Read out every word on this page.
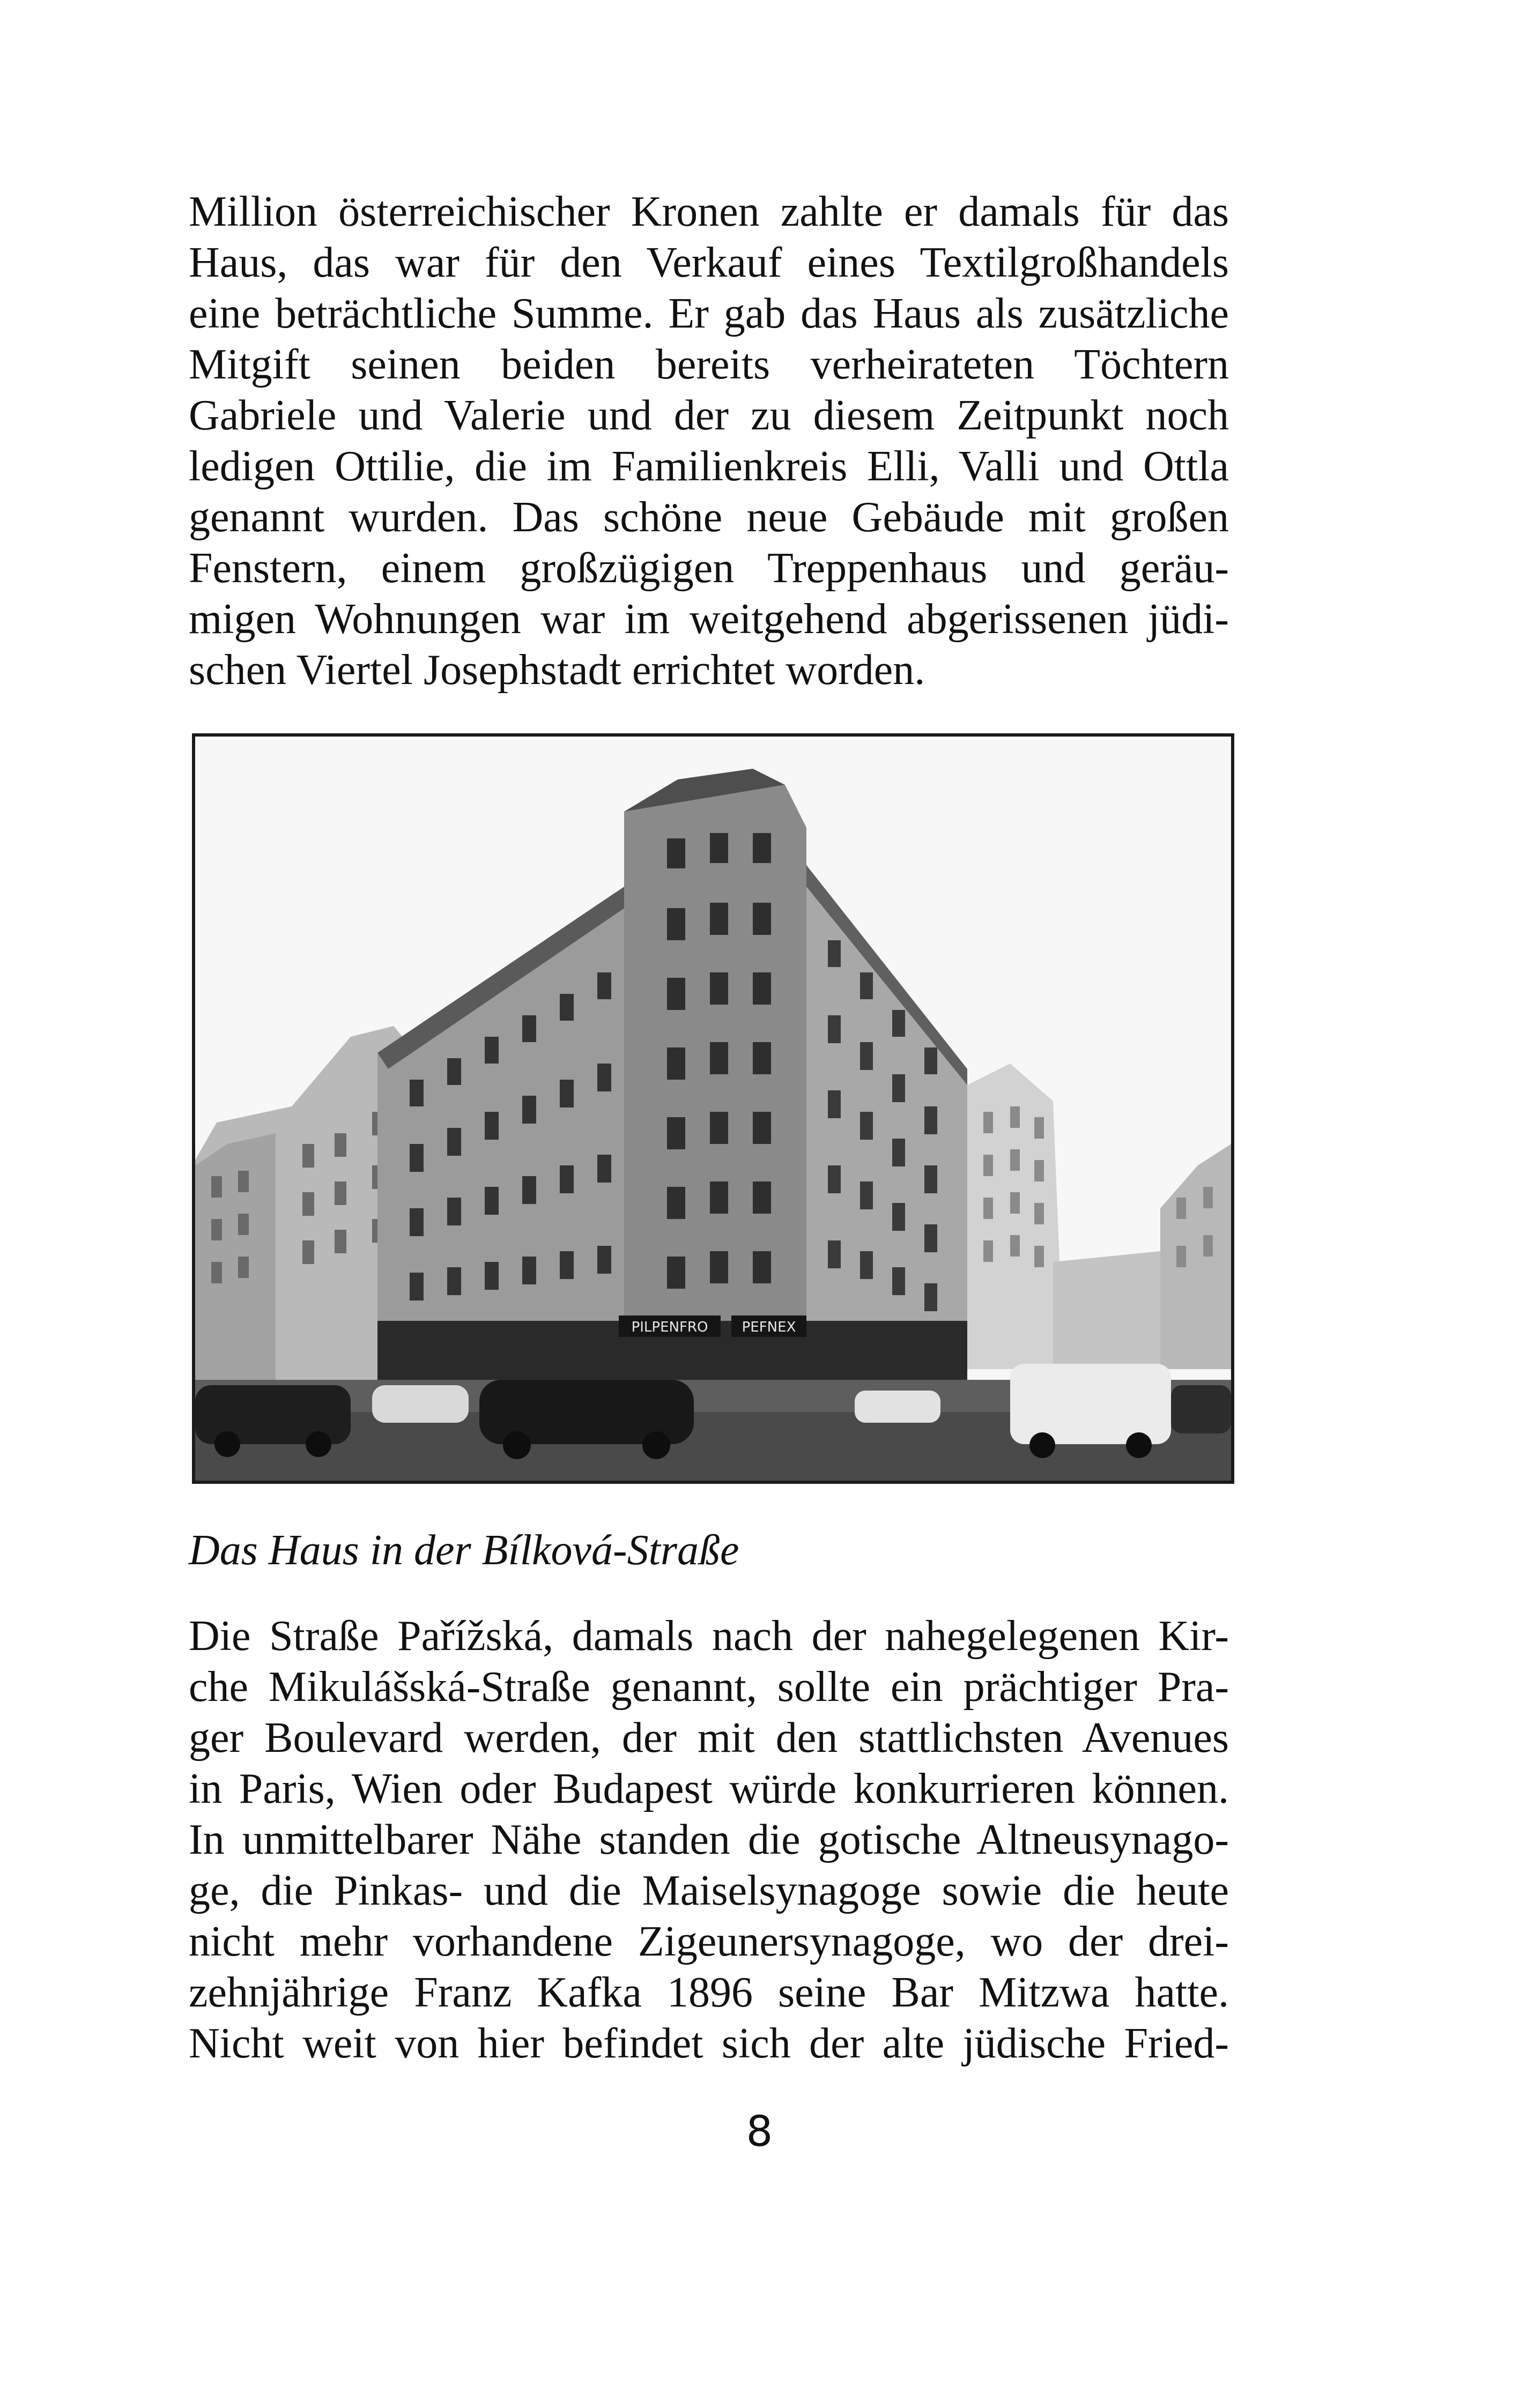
Million österreichischer Kronen zahlte er damals für das
Haus, das war für den Verkauf eines Textilgroßhandels
eine beträchtliche Summe. Er gab das Haus als zusätzliche
Mitgift seinen beiden bereits verheirateten Töchtern
Gabriele und Valerie und der zu diesem Zeitpunkt noch
ledigen Ottilie, die im Familienkreis Elli, Valli und Ottla
genannt wurden. Das schöne neue Gebäude mit großen
Fenstern, einem großzügigen Treppenhaus und geräu-
migen Wohnungen war im weitgehend abgerissenen jüdi-
schen Viertel Josephstadt errichtet worden.
PILPENFRO PEFNEX
Das Haus in der Bílková-Straße
Die Straße Pařížská, damals nach der nahegelegenen Kir-
che Mikulášská-Straße genannt, sollte ein prächtiger Pra-
ger Boulevard werden, der mit den stattlichsten Avenues
in Paris, Wien oder Budapest würde konkurrieren können.
In unmittelbarer Nähe standen die gotische Altneusynago-
ge, die Pinkas- und die Maiselsynagoge sowie die heute
nicht mehr vorhandene Zigeunersynagoge, wo der drei-
zehnjährige Franz Kafka 1896 seine Bar Mitzwa hatte.
Nicht weit von hier befindet sich der alte jüdische Fried-
8
